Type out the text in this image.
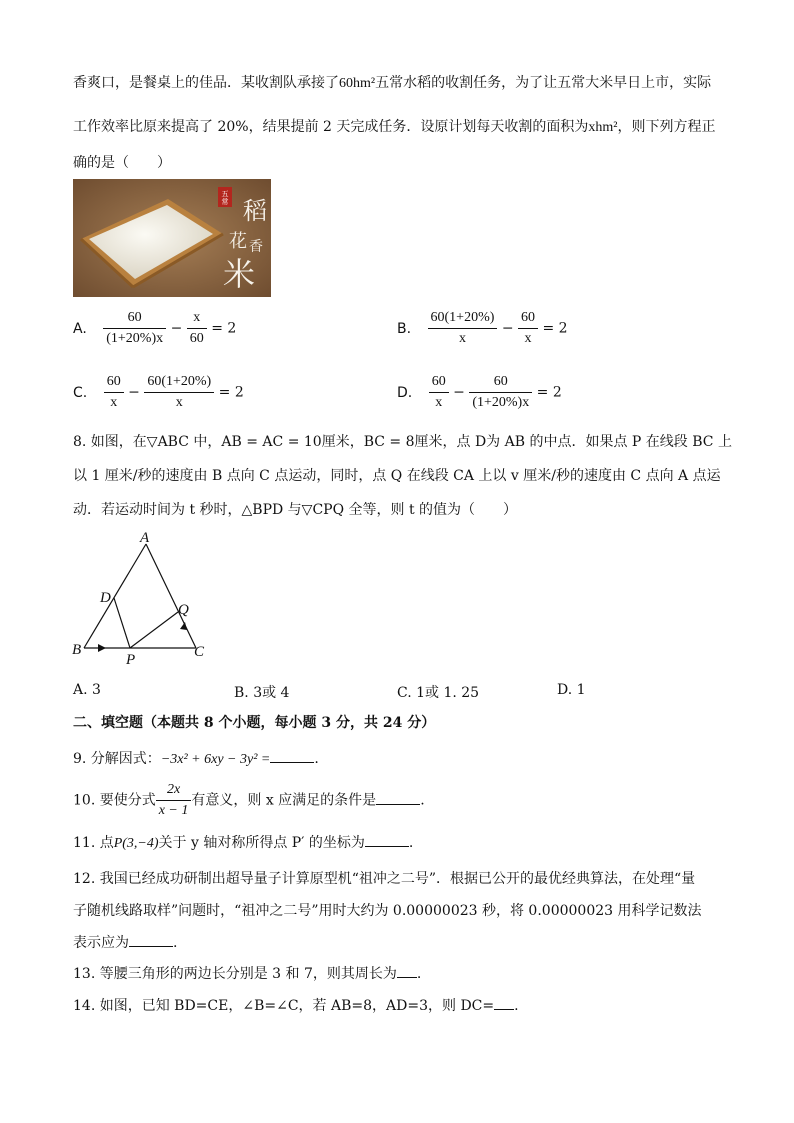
香爽口，是餐桌上的佳品．某收割队承接了60hm²五常水稻的收割任务，为了让五常大米早日上市，实际
工作效率比原来提高了 20%，结果提前 2 天完成任务．设原计划每天收割的面积为xhm²，则下列方程正
确的是（　　）
五
常 稻
花 香
米
A. $\frac{60}{(1+20\%)x} - \frac{x}{60} = 2$	B. $\frac{60(1+20\%)}{x} - \frac{60}{x} = 2$
C. $\frac{60}{x} - \frac{60(1+20\%)}{x} = 2$	D. $\frac{60}{x} - \frac{60}{(1+20\%)x} = 2$
8. 如图，在▽ABC 中，AB = AC = 10厘米，BC = 8厘米，点 D为 AB 的中点．如果点 P 在线段 BC 上
以 1 厘米/秒的速度由 B 点向 C 点运动，同时，点 Q 在线段 CA 上以 v 厘米/秒的速度由 C 点向 A 点运
动．若运动时间为 t 秒时，△BPD 与▽CPQ 全等，则 t 的值为（　　）
A
D
Q
B
P	C
A. 3	B. 3或 4	C. 1或 1. 25	D. 1
二、填空题（本题共 8 个小题，每小题 3 分，共 24 分）
9. 分解因式：−3x² + 6xy − 3y² =	.
10. 要使分式 $\frac{2x}{x - 1}$ 有意义，则 x 应满足的条件是	.
11. 点P(3,−4)关于 y 轴对称所得点 P′ 的坐标为	.
12. 我国已经成功研制出超导量子计算原型机“祖冲之二号”．根据已公开的最优经典算法，在处理“量
子随机线路取样”问题时，“祖冲之二号”用时大约为 0.00000023 秒，将 0.00000023 用科学记数法
表示应为	.
13. 等腰三角形的两边长分别是 3 和 7，则其周长为 .
14. 如图，已知 BD=CE，∠B=∠C，若 AB=8，AD=3，则 DC= .
